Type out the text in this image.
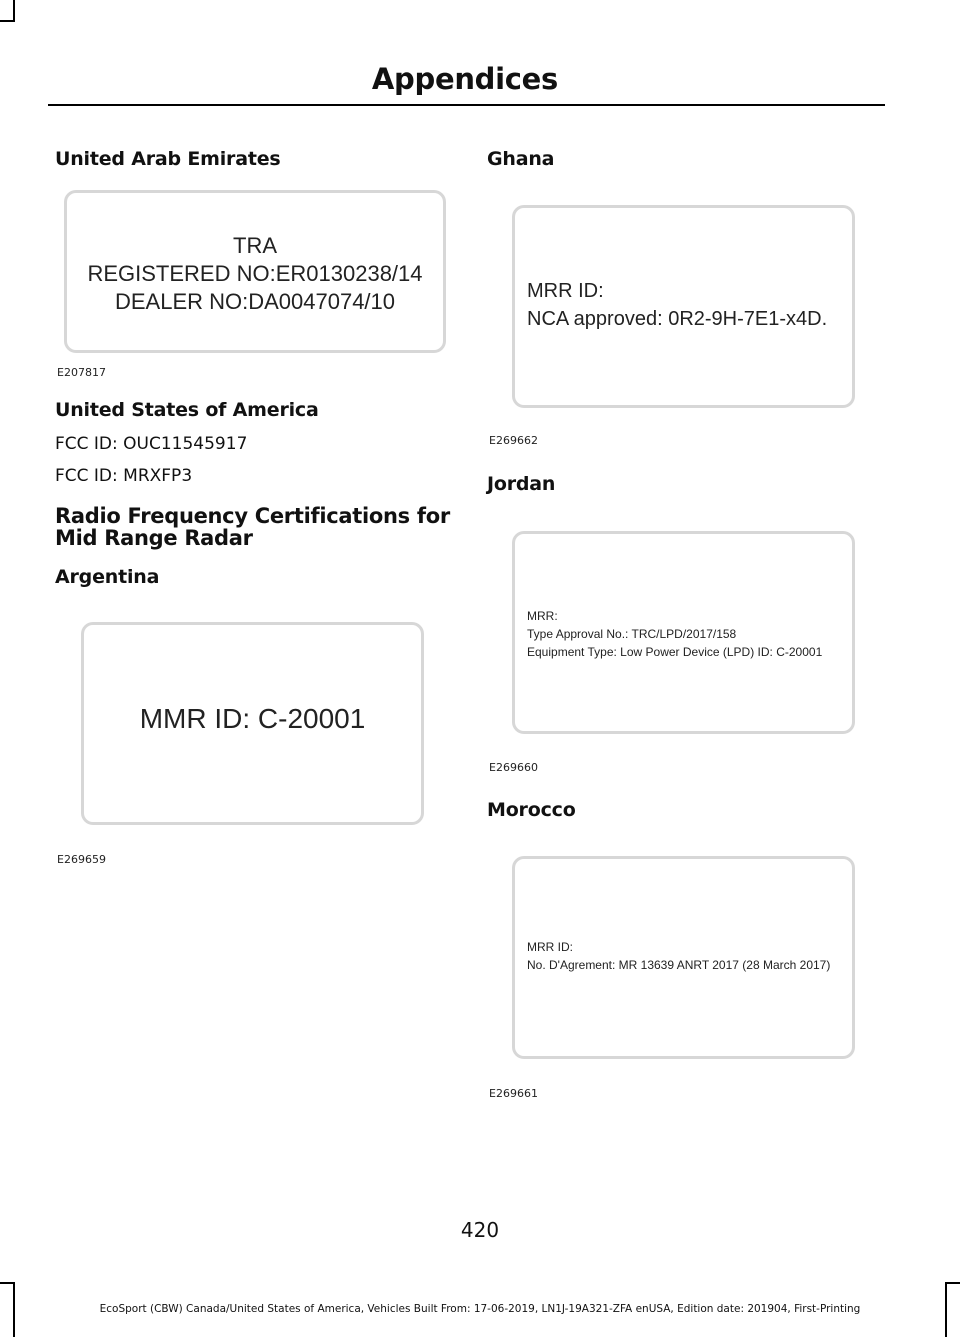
Appendices
United Arab Emirates
TRA
REGISTERED NO:ER0130238/14
DEALER NO:DA0047074/10
E207817
United States of America

FCC ID: OUC11545917

FCC ID: MRXFP3

Radio Frequency Certifications for Mid Range Radar
Argentina
MMR ID: C-20001
E269659
Ghana
MRR ID:
NCA approved: 0R2-9H-7E1-x4D.
E269662
Jordan
MRR:
Type Approval No.: TRC/LPD/2017/158
Equipment Type: Low Power Device (LPD) ID: C-20001
E269660
Morocco
MRR ID:
No. D'Agrement: MR 13639 ANRT 2017 (28 March 2017)
E269661
420
EcoSport (CBW) Canada/United States of America, Vehicles Built From: 17-06-2019, LN1J-19A321-ZFA enUSA, Edition date: 201904, First-Printing
